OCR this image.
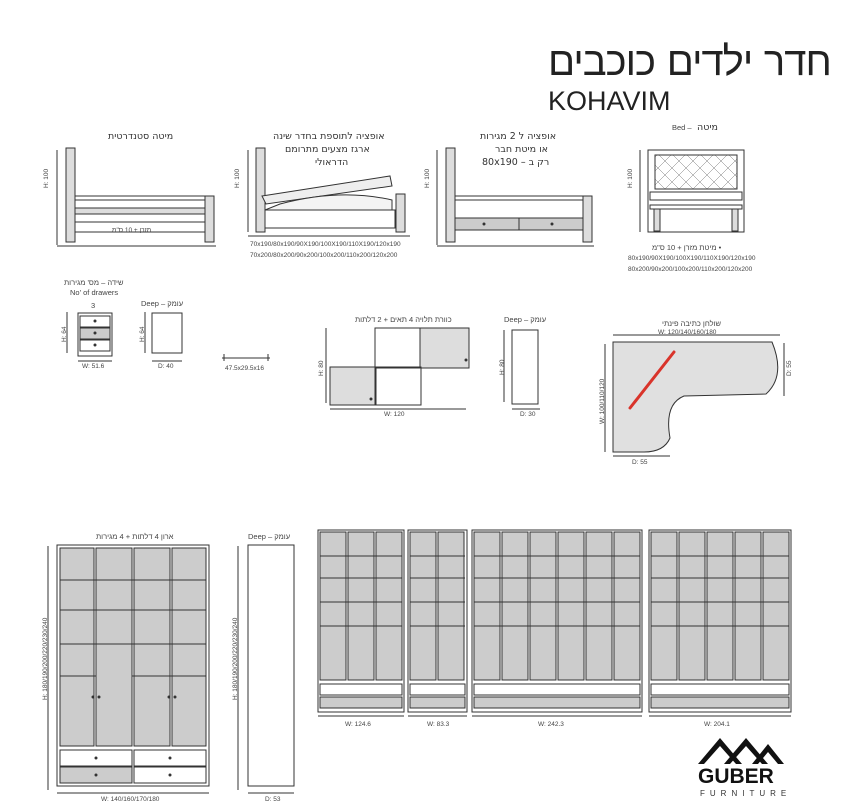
חדר ילדים כוכבים
KOHAVIM
מיטה סטנדרטית
H: 100
מזרן + 10 ס"מ
אופציה לתוספת בחדר שינה
ארגז מצעים מתרומם
הדראולי
H: 100
70x190/80x190/90X190/100X190/110X190/120x190
70x200/80x200/90x200/100x200/110x200/120x200
אופציה ל 2 מגירות
או מיטת חבר
רק ב – 80x190
H: 100
Bed – מיטה
H: 100
• מיטת מזרן + 10 ס"מ
80x190/90X190/100X190/110X190/120x190
80x200/90x200/100x200/110x200/120x200
שידה – מס' מגירות
No' of drawers
3
H: 64
W: 51.6
Deep – עומק
H: 64
D: 40	47.5x29.5x16
כוורת תלויה 4 תאים + 2 דלתות
H: 80
W: 120
Deep – עומק
H: 80
D: 30
שולחן כתיבה פינתי
W: 120/140/160/180
W: 100/110/120
D: 55
D: 55
ארון 4 דלתות + 4 מגירות
H: 180/190/200/220/230/240
W: 140/160/170/180
Deep – עומק
H: 180/190/200/220/230/240
D: 53
W: 124.6	W: 83.3	W: 242.3	W: 204.1
GUBER
FURNITURE
